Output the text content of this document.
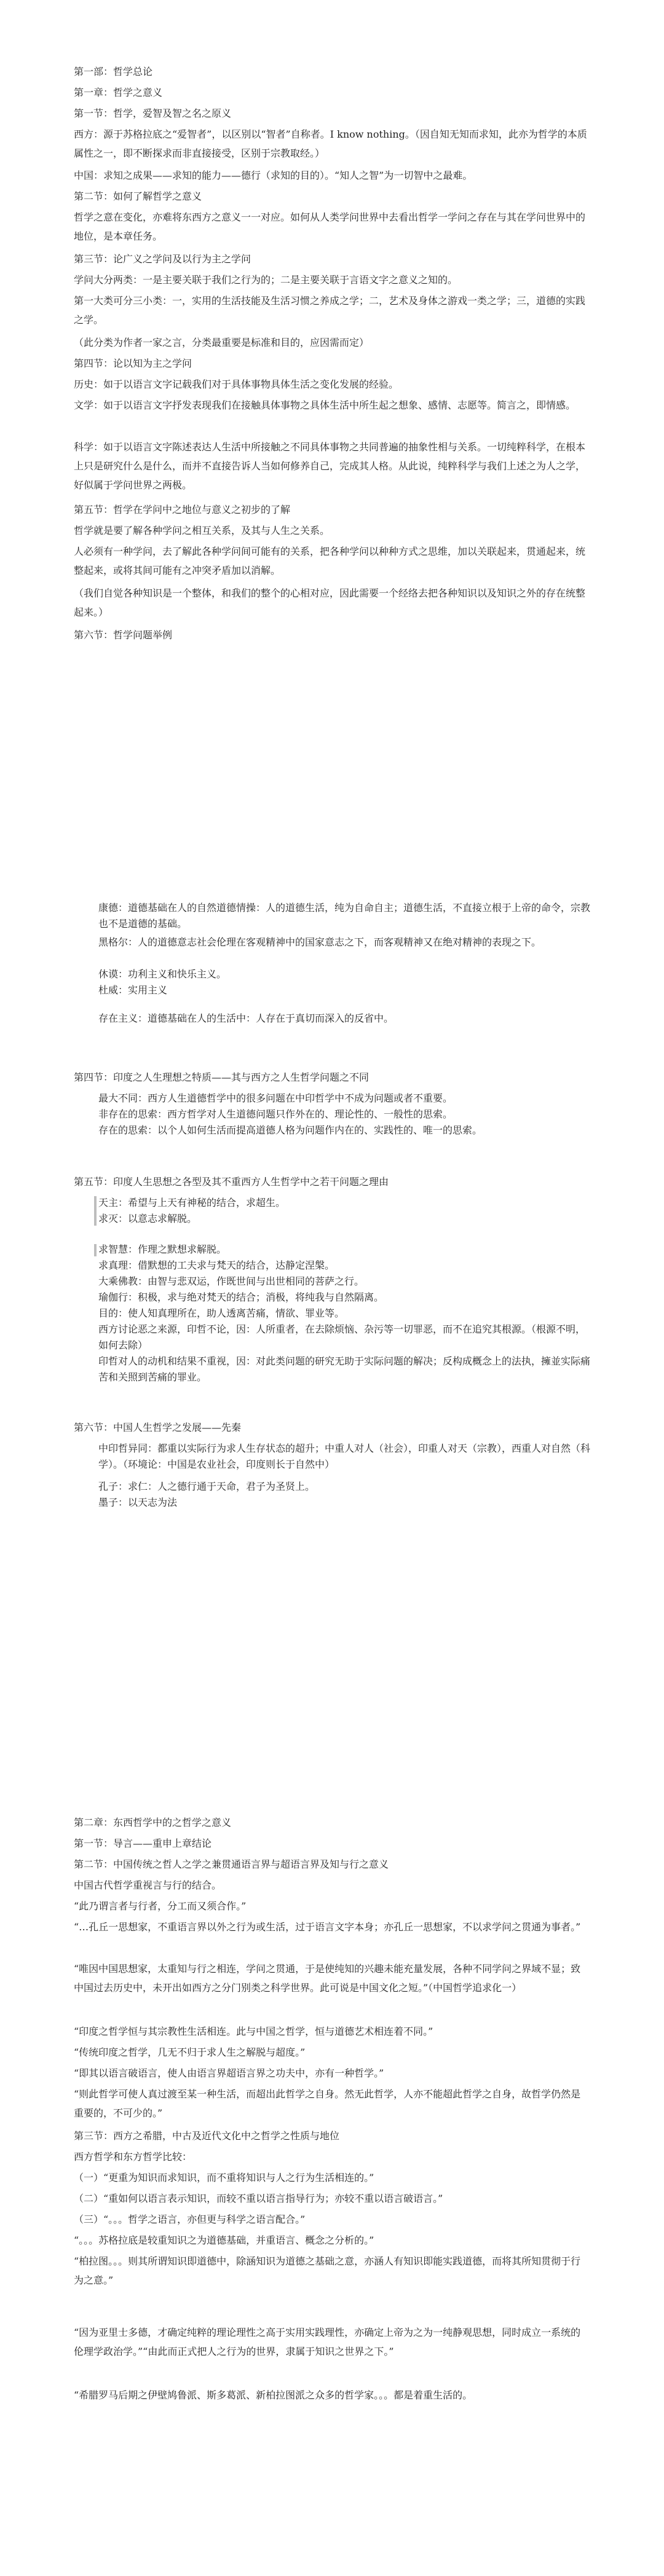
第一部：哲学总论

第一章：哲学之意义

第一节：哲学，爱智及智之名之原义

西方：源于苏格拉底之“爱智者”，以区别以“智者”自称者。I know nothing。（因自知无知而求知，此亦为哲学的本质属性之一，即不断探求而非直接接受，区别于宗教取经。）

中国：求知之成果——求知的能力——德行（求知的目的）。“知人之智”为一切智中之最难。

第二节：如何了解哲学之意义

哲学之意在变化，亦难将东西方之意义一一对应。如何从人类学问世界中去看出哲学一学问之存在与其在学问世界中的地位，是本章任务。

第三节：论广义之学问及以行为主之学问

学问大分两类：一是主要关联于我们之行为的；二是主要关联于言语文字之意义之知的。

第一大类可分三小类：一，实用的生活技能及生活习惯之养成之学；二，艺术及身体之游戏一类之学；三，道德的实践之学。

（此分类为作者一家之言，分类最重要是标准和目的，应因需而定）

第四节：论以知为主之学问

历史：如于以语言文字记载我们对于具体事物具体生活之变化发展的经验。

文学：如于以语言文字抒发表现我们在接触具体事物之具体生活中所生起之想象、感情、志愿等。简言之，即情感。

科学：如于以语言文字陈述表达人生活中所接触之不同具体事物之共同普遍的抽象性相与关系。一切纯粹科学，在根本上只是研究什么是什么，而并不直接告诉人当如何修养自己，完成其人格。从此说，纯粹科学与我们上述之为人之学，好似属于学问世界之两极。

第五节：哲学在学问中之地位与意义之初步的了解

哲学就是要了解各种学问之相互关系，及其与人生之关系。

人必须有一种学问，去了解此各种学问间可能有的关系，把各种学问以种种方式之思维，加以关联起来，贯通起来，统整起来，或将其间可能有之冲突矛盾加以消解。

（我们自觉各种知识是一个整体，和我们的整个的心相对应，因此需要一个经络去把各种知识以及知识之外的存在统整起来。）

第六节：哲学问题举例

康德：道德基础在人的自然道德情操：人的道德生活，纯为自命自主；道德生活，不直接立根于上帝的命令，宗教也不是道德的基础。

黑格尔：人的道德意志社会伦理在客观精神中的国家意志之下，而客观精神又在绝对精神的表现之下。

休谟：功利主义和快乐主义。

杜威：实用主义

存在主义：道德基础在人的生活中：人存在于真切而深入的反省中。

第四节：印度之人生理想之特质——其与西方之人生哲学问题之不同

最大不同：西方人生道德哲学中的很多问题在中印哲学中不成为问题或者不重要。

非存在的思索：西方哲学对人生道德问题只作外在的、理论性的、一般性的思索。

存在的思索：以个人如何生活而提高道德人格为问题作内在的、实践性的、唯一的思索。

第五节：印度人生思想之各型及其不重西方人生哲学中之若干问题之理由

天主：希望与上天有神秘的结合，求超生。

求灭：以意志求解脱。

求智慧：作理之默想求解脱。

求真理：借默想的工夫求与梵天的结合，达静定涅槃。

大乘佛教：由智与悲双运，作既世间与出世相同的菩萨之行。

瑜伽行：积极，求与绝对梵天的结合；消极，将纯我与自然隔离。

目的：使人知真理所在，助人透离苦痛，情欲、罪业等。

西方讨论恶之来源，印哲不论，因：人所重者，在去除烦恼、杂污等一切罪恶，而不在追究其根源。（根源不明，如何去除）

印哲对人的动机和结果不重视，因：对此类问题的研究无助于实际问题的解决；反构成概念上的法执，擁並实际痛苦和关照到苦痛的罪业。

第六节：中国人生哲学之发展——先秦

中印哲异同：都重以实际行为求人生存状态的超升；中重人对人（社会），印重人对天（宗教），西重人对自然（科学）。（环境论：中国是农业社会，印度则长于自然中）

孔子：求仁：人之德行通于天命，君子为圣贤上。

墨子：以天志为法

第二章：东西哲学中的之哲学之意义

第一节：导言——重申上章结论

第二节：中国传统之哲人之学之兼贯通语言界与超语言界及知与行之意义

中国古代哲学重视言与行的结合。

“此乃谓言者与行者，分工而又须合作。”

“…孔丘一思想家，不重语言界以外之行为或生活，过于语言文字本身；亦孔丘一思想家，不以求学问之贯通为事者。”

“唯因中国思想家，太重知与行之相连，学问之贯通，于是使纯知的兴趣未能充量发展，各种不同学问之界域不显；致中国过去历史中，未开出如西方之分门别类之科学世界。此可说是中国文化之短。”（中国哲学追求化一）

“印度之哲学恒与其宗教性生活相连。此与中国之哲学，恒与道德艺术相连着不同。”

“传统印度之哲学，几无不归于求人生之解脱与超度。”

“即其以语言破语言，使人由语言界超语言界之功夫中，亦有一种哲学。”

“则此哲学可使人真过渡至某一种生活，而超出此哲学之自身。然无此哲学，人亦不能超此哲学之自身，故哲学仍然是重要的，不可少的。”

第三节：西方之希腊，中古及近代文化中之哲学之性质与地位

西方哲学和东方哲学比较：

（一）“更重为知识而求知识，而不重将知识与人之行为生活相连的。”

（二）“重如何以语言表示知识，而较不重以语言指导行为；亦较不重以语言破语言。”

（三）“。。。哲学之语言，亦但更与科学之语言配合。”

“。。。苏格拉底是较重知识之为道德基础，并重语言、概念之分析的。”

“柏拉图。。。则其所谓知识即道德中，除涵知识为道德之基础之意，亦涵人有知识即能实践道德，而将其所知贯彻于行为之意。”

“因为亚里士多德，才确定纯粹的理论理性之高于实用实践理性，亦确定上帝为之为一纯静观思想，同时成立一系统的伦理学政治学。”“由此而正式把人之行为的世界，隶属于知识之世界之下。”

“希腊罗马后期之伊壁鸠鲁派、斯多葛派、新柏拉图派之众多的哲学家。。。都是着重生活的。
